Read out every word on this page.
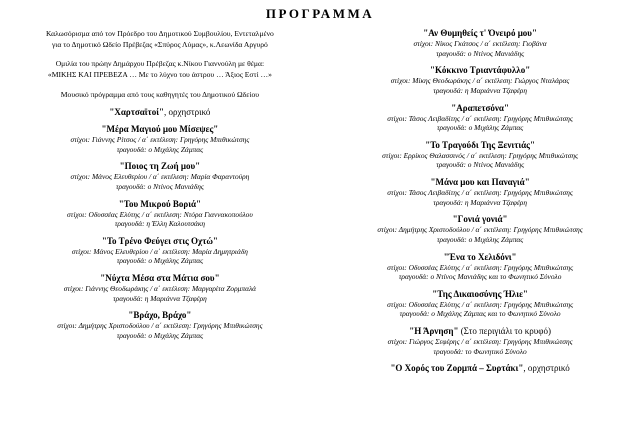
ΠΡΟΓΡΑΜΜΑ
Καλωσόρισμα από τον Πρόεδρο του Δημοτικού Συμβουλίου, Εντεταλμένο
για το Δημοτικό Ωδείο Πρέβεζας «Σπύρος Λύμας», κ.Λεωνίδα Αργυρό
Ομιλία του πρώην Δημάρχου Πρέβεζας κ.Νίκου Γιαννούλη με θέμα:
«ΜΙΚΗΣ ΚΑΙ ΠΡΕΒΕΖΑ … Με το λύχνο του άστρου … Άξιος Εστί …»
Μουσικό πρόγραμμα από τους καθηγητές του Δημοτικού Ωδείου
"Χαρτσαϊτοί", ορχηστρικό
"Μέρα Μαγιού μου Μίσεψες"
στίχοι: Γιάννης Ρίτσος / α΄ εκτέλεση: Γρηγόρης Μπιθικώτσης
τραγουδά: ο Μιχάλης Ζάμπας
"Ποιος τη Ζωή μου"
στίχοι: Μάνος Ελευθερίου / α΄ εκτέλεση: Μαρία Φαραντούρη
τραγουδά: ο Ντίνος Μανιάδης
"Του Μικρού Βοριά"
στίχοι: Οδυσσέας Ελύτης / α΄ εκτέλεση: Ντόρα Γιαννακοπούλου
τραγουδά: η Έλλη Καλουτσάκη
"Το Τρένο Φεύγει στις Οχτώ"
στίχοι: Μάνος Ελευθερίου / α΄ εκτέλεση: Μαρία Δημητριάδη
τραγουδά: ο Μιχάλης Ζάμπας
"Νύχτα Μέσα στα Μάτια σου"
στίχοι: Γιάννης Θεοδωράκης / α΄ εκτέλεση: Μαργαρίτα Ζορμπαλά
τραγουδά: η Μαριάννα Τζαφέρη
"Βράχο, Βράχο"
στίχοι: Δημήτρης Χριστοδούλου / α΄ εκτέλεση: Γρηγόρης Μπιθικώτσης
τραγουδά: ο Μιχάλης Ζάμπας
"Αν Θυμηθείς τ' Όνειρό μου"
στίχοι: Νίκος Γκάτσος / α΄ εκτέλεση: Γιοβάνα
τραγουδά: ο Ντίνος Μανιάδης
"Κόκκινο Τριαντάφυλλο"
στίχοι: Μίκης Θεοδωράκης / α΄ εκτέλεση: Γιώργος Νταλάρας
τραγουδά: η Μαριάννα Τζαφέρη
"Αραπετσόνα"
στίχοι: Τάσος Λειβαδίτης / α΄ εκτέλεση: Γρηγόρης Μπιθικώτσης
τραγουδά: ο Μιχάλης Ζάμπας
"Το Τραγούδι Της Ξενιτιάς"
στίχοι: Ερρίκος Θαλασσινός / α΄ εκτέλεση: Γρηγόρης Μπιθικώτσης
τραγουδά: ο Ντίνος Μανιάδης
"Μάνα μου και Παναγιά"
στίχοι: Τάσος Λειβαδίτης / α΄ εκτέλεση: Γρηγόρης Μπιθικώτσης
τραγουδά: η Μαριάννα Τζαφέρη
"Γονιά γονιά"
στίχοι: Δημήτρης Χριστοδούλου / α΄ εκτέλεση: Γρηγόρης Μπιθικώτσης
τραγουδά: ο Μιχάλης Ζάμπας
"Ένα το Χελιδόνι"
στίχοι: Οδυσσέας Ελύτης / α΄ εκτέλεση: Γρηγόρης Μπιθικώτσης
τραγουδά: ο Ντίνος Μανιάδης και το Φωνητικό Σύνολο
"Της Δικαιοσύνης Ήλιε"
στίχοι: Οδυσσέας Ελύτης / α΄ εκτέλεση: Γρηγόρης Μπιθικώτσης
τραγουδά: ο Μιχάλης Ζάμπας και το Φωνητικό Σύνολο
"Η Άρνηση" (Στο περιγιάλι το κρυφό)
στίχοι: Γιώργος Σεφέρης / α΄ εκτέλεση: Γρηγόρης Μπιθικώτσης
τραγουδά: το Φωνητικό Σύνολο
"Ο Χορός του Ζορμπά – Συρτάκι", ορχηστρικό
